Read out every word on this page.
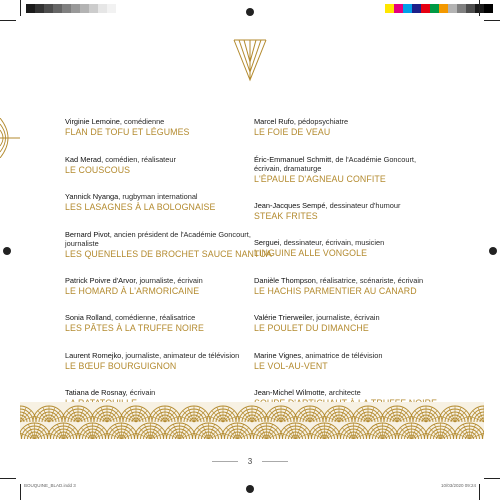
Virginie Lemoine, comédienne
FLAN DE TOFU ET LÉGUMES
Kad Merad, comédien, réalisateur
LE COUSCOUS
Yannick Nyanga, rugbyman international
LES LASAGNES À LA BOLOGNAISE
Bernard Pivot, ancien président de l'Académie Goncourt, journaliste
LES QUENELLES DE BROCHET SAUCE NANTUA
Patrick Poivre d'Arvor, journaliste, écrivain
LE HOMARD À L'ARMORICAINE
Sonia Rolland, comédienne, réalisatrice
LES PÂTES À LA TRUFFE NOIRE
Laurent Romejko, journaliste, animateur de télévision
LE BŒUF BOURGUIGNON
Tatiana de Rosnay, écrivain
Marcel Rufo, pédopsychiatre
LE FOIE DE VEAU
Éric-Emmanuel Schmitt, de l'Académie Goncourt, écrivain, dramaturge
L'ÉPAULE D'AGNEAU CONFITE
Jean-Jacques Sempé, dessinateur d'humour
STEAK FRITES
Serguei, dessinateur, écrivain, musicien
LINGUINE ALLE VONGOLE
Danièle Thompson, réalisatrice, scénariste, écrivain
LE HACHIS PARMENTIER AU CANARD
Valérie Trierweiler, journaliste, écrivain
LE POULET DU DIMANCHE
Marine Vignes, animatrice de télévision
LE VOL-AU-VENT
Jean-Michel Wilmotte, architecte
3
BOUQUINE_BLAD.indd 3	10/03/2020 09:24
